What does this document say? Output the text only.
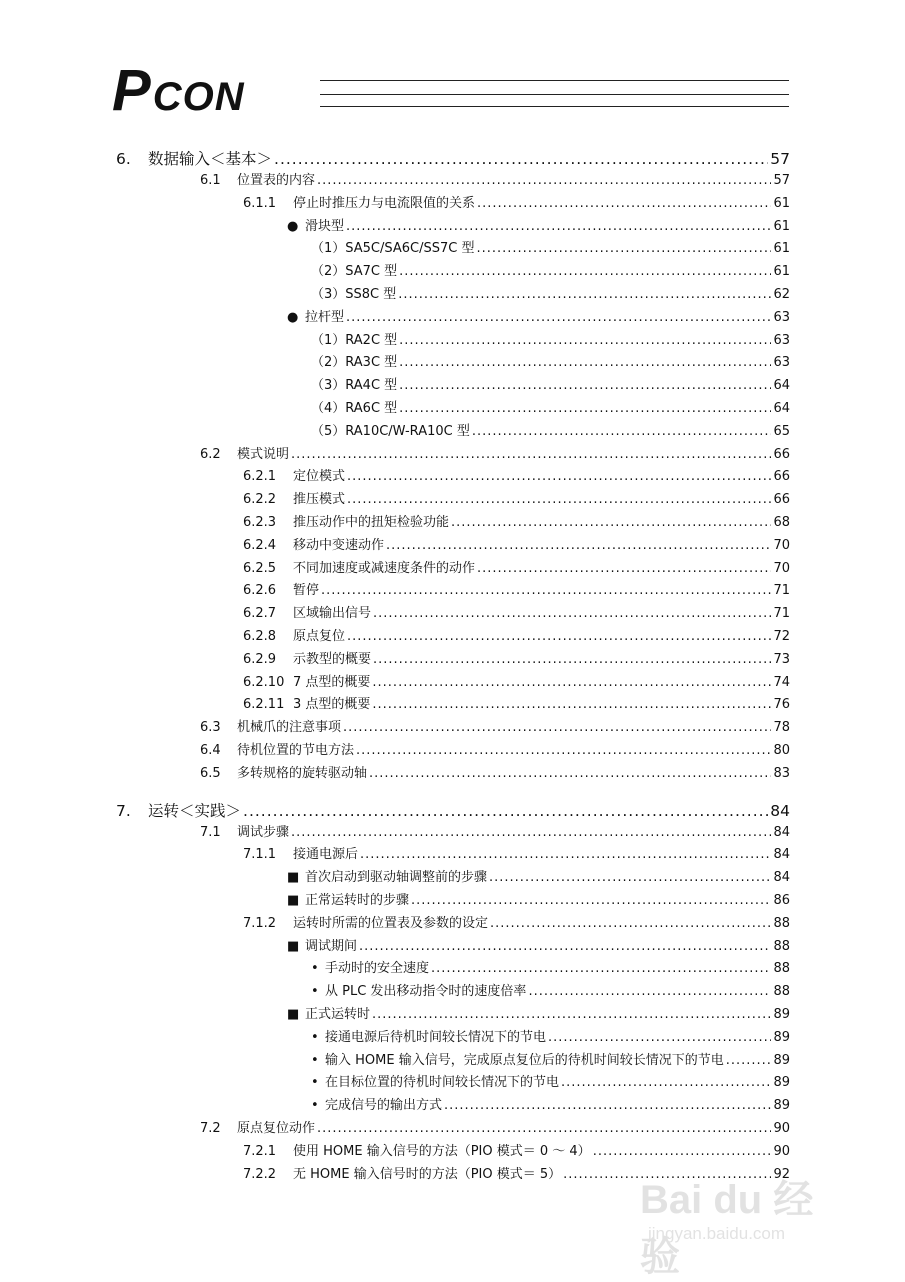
P CON
6.	数据输入＜基本＞ .....	57
6.1	位置表的内容 .....	57
6.1.1	停止时推压力与电流限值的关系 .....	61
● 滑块型 .....	61
（1）SA5C/SA6C/SS7C 型 .....	61
（2）SA7C 型 .....	61
（3）SS8C 型 .....	62
● 拉杆型 .....	63
（1）RA2C 型 .....	63
（2）RA3C 型 .....	63
（3）RA4C 型 .....	64
（4）RA6C 型 .....	64
（5）RA10C/W-RA10C 型 .....	65
6.2	模式说明 .....	66
6.2.1	定位模式 .....	66
6.2.2	推压模式 .....	66
6.2.3	推压动作中的扭矩检验功能 .....	68
6.2.4	移动中变速动作 .....	70
6.2.5	不同加速度或减速度条件的动作 .....	70
6.2.6	暂停 .....	71
6.2.7	区域输出信号 .....	71
6.2.8	原点复位 .....	72
6.2.9	示教型的概要 .....	73
6.2.10 7 点型的概要 .....	74
6.2.11 3 点型的概要 .....	76
6.3	机械爪的注意事项 .....	78
6.4	待机位置的节电方法 .....	80
6.5	多转规格的旋转驱动轴 .....	83
7.	运转＜实践＞ .....	84
7.1	调试步骤 .....	84
7.1.1	接通电源后 .....	84
■ 首次启动到驱动轴调整前的步骤 .....	84
■ 正常运转时的步骤 .....	86
7.1.2	运转时所需的位置表及参数的设定 .....	88
■ 调试期间 .....	88
• 手动时的安全速度 .....	88
• 从 PLC 发出移动指令时的速度倍率 .....	88
■ 正式运转时 .....	89
• 接通电源后待机时间较长情况下的节电 .....	89
• 输入 HOME 输入信号，完成原点复位后的待机时间较长情况下的节电 .....	89
• 在目标位置的待机时间较长情况下的节电 .....	89
• 完成信号的输出方式 .....	89
7.2	原点复位动作 .....	90
7.2.1	使用 HOME 输入信号的方法（PIO 模式＝ 0 ～ 4） .....	90
7.2.2	无 HOME 输入信号时的方法（PIO 模式＝ 5） .....	92
Bai du 经验
jingyan.baidu.com
